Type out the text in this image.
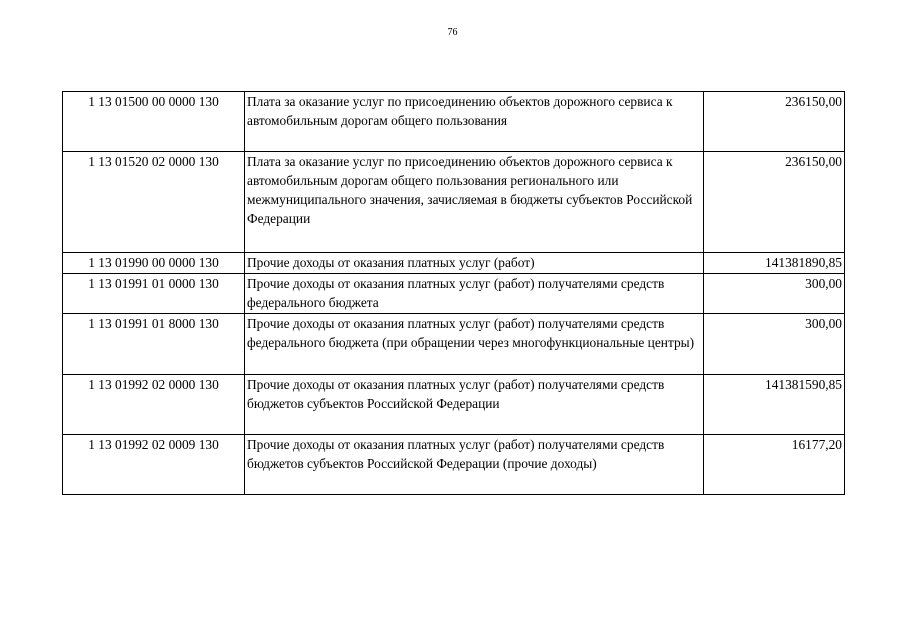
76
1 13 01500 00 0000 130	Плата за оказание услуг по присоединению объектов дорожного сервиса к автомобильным дорогам общего пользования	236150,00
1 13 01520 02 0000 130	Плата за оказание услуг по присоединению объектов дорожного сервиса к автомобильным дорогам общего пользования регионального или межмуниципального значения, зачисляемая в бюджеты субъектов Российской Федерации	236150,00
1 13 01990 00 0000 130	Прочие доходы от оказания платных услуг (работ)	141381890,85
1 13 01991 01 0000 130	Прочие доходы от оказания платных услуг (работ) получателями средств федерального бюджета	300,00
1 13 01991 01 8000 130	Прочие доходы от оказания платных услуг (работ) получателями средств федерального бюджета (при обращении через многофункциональные центры)	300,00
1 13 01992 02 0000 130	Прочие доходы от оказания платных услуг (работ) получателями средств бюджетов субъектов Российской Федерации	141381590,85
1 13 01992 02 0009 130	Прочие доходы от оказания платных услуг (работ) получателями средств бюджетов субъектов Российской Федерации (прочие доходы)	16177,20
